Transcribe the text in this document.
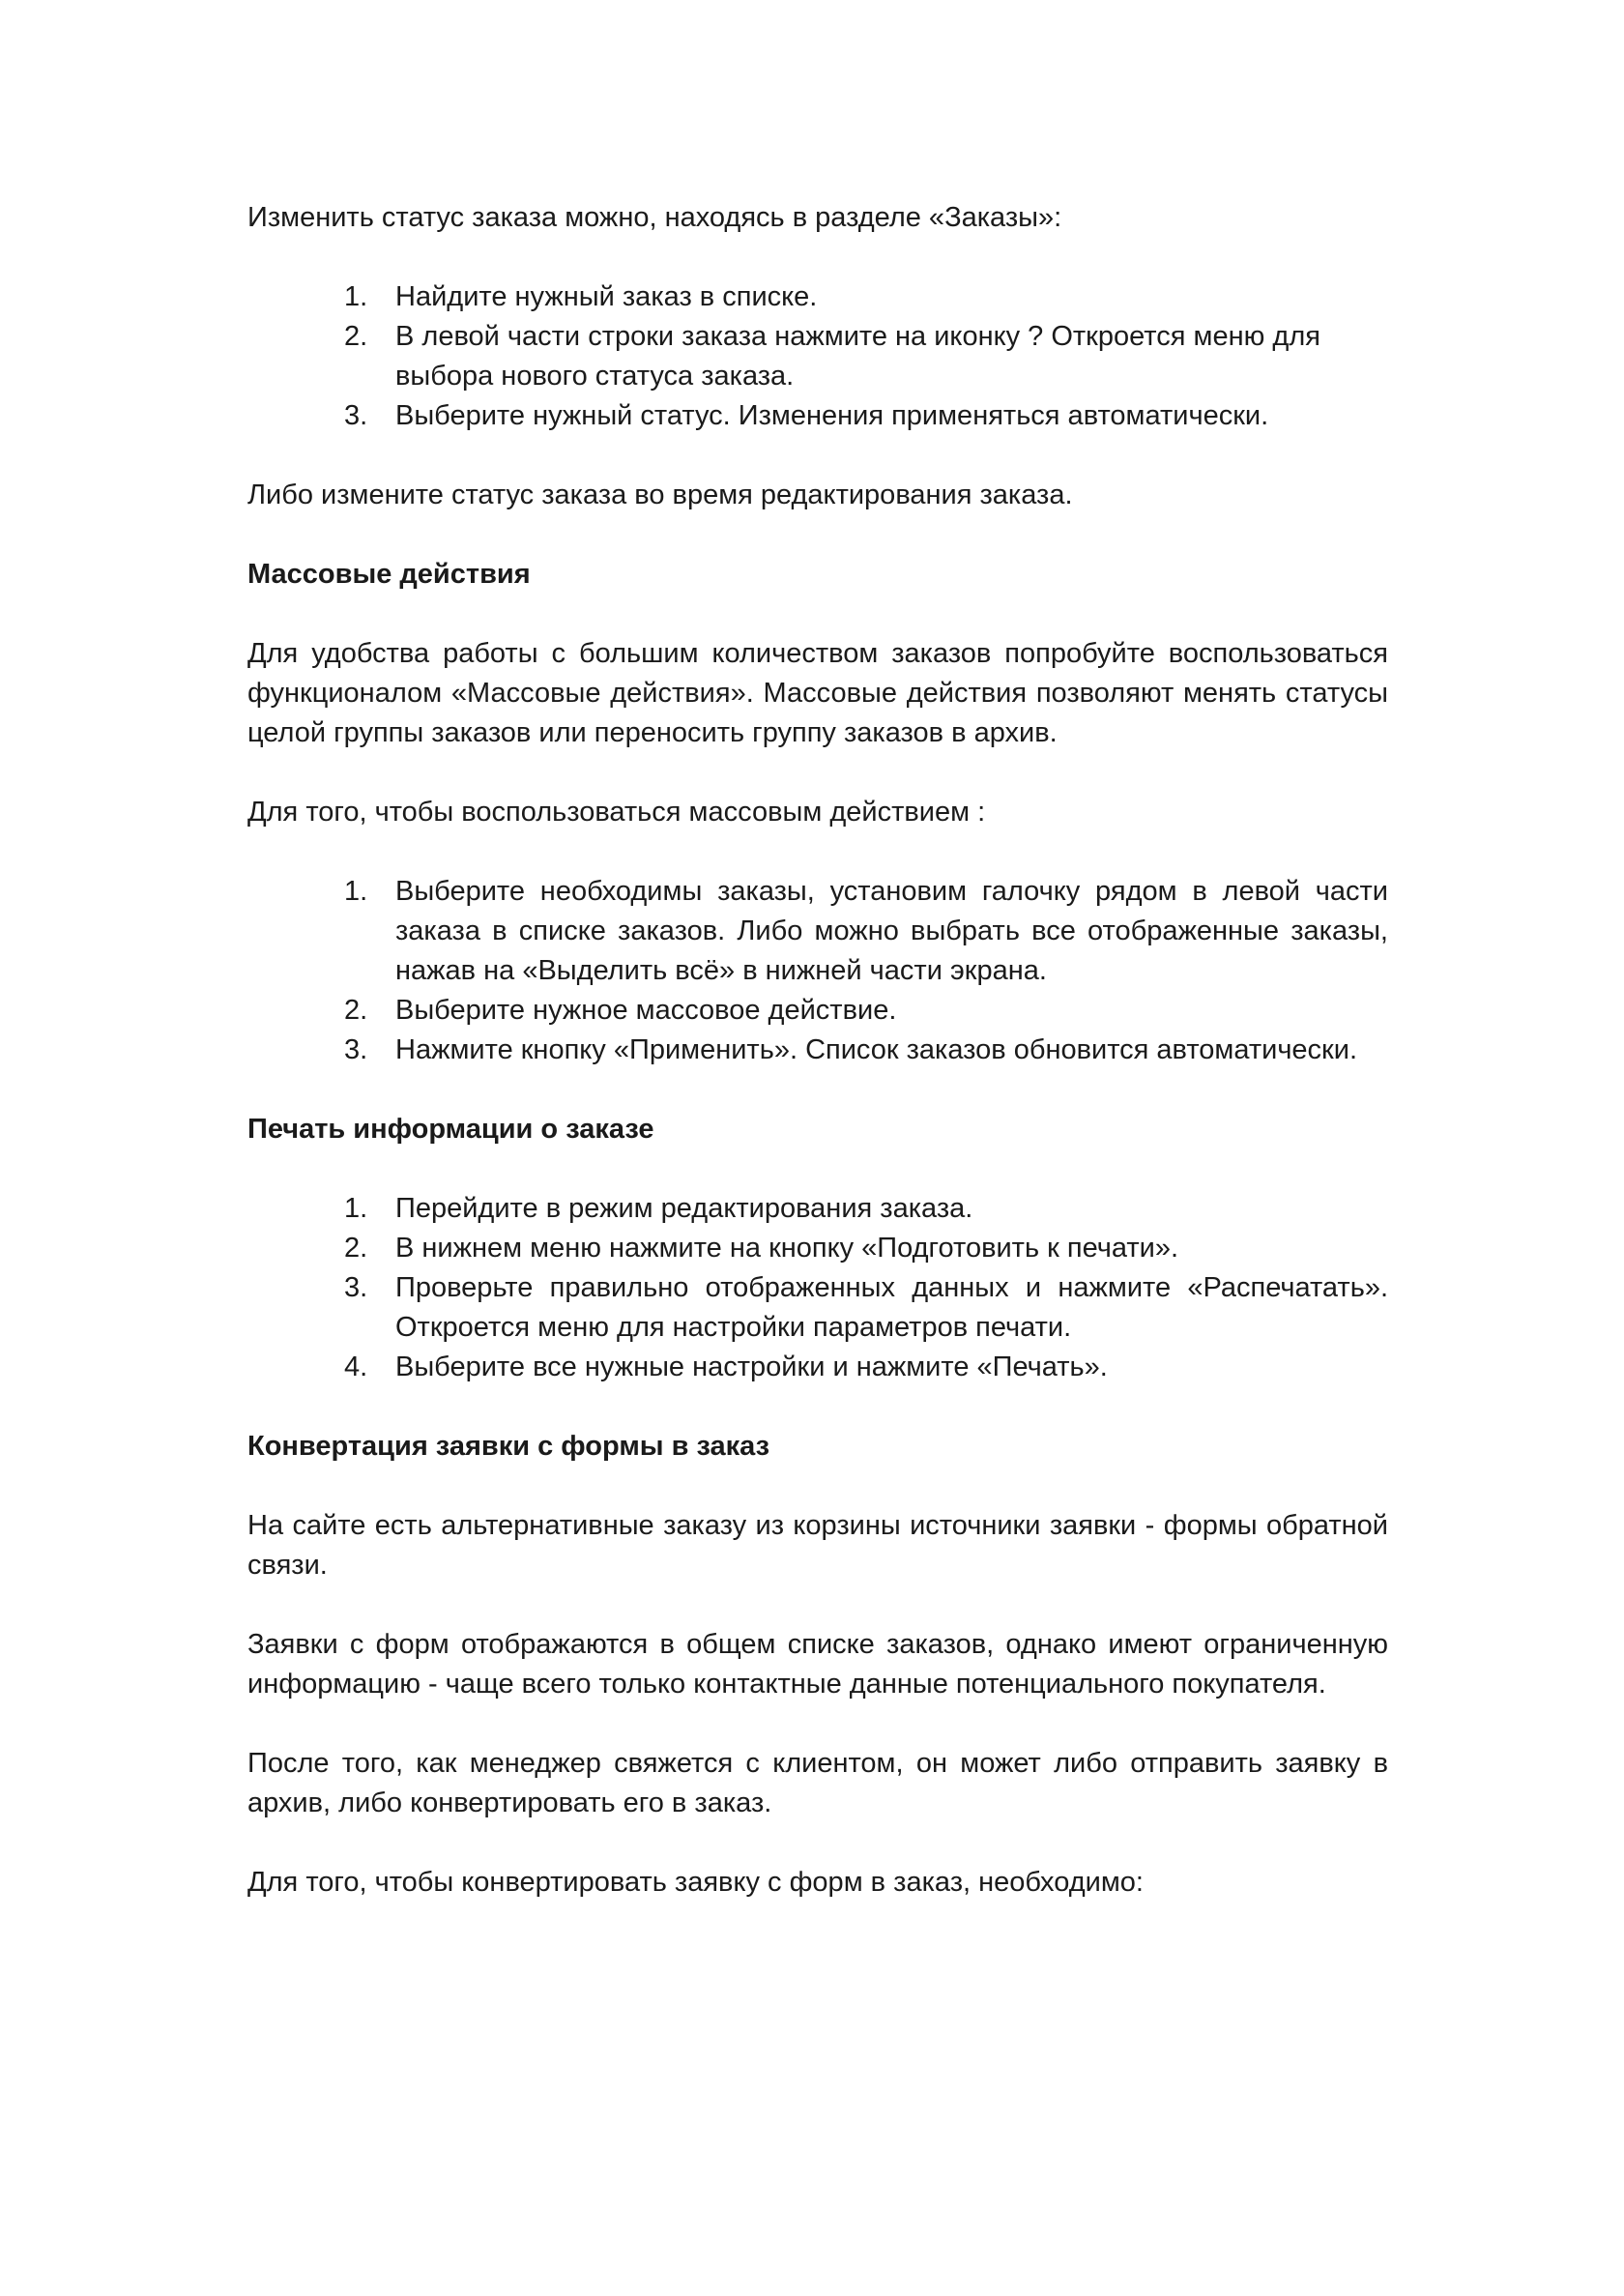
Изменить статус заказа можно, находясь в разделе «Заказы»:

1. Найдите нужный заказ в списке.
2. В левой части строки заказа нажмите на иконку ? Откроется меню для выбора нового статуса заказа.
3. Выберите нужный статус. Изменения применяться автоматически.

Либо измените статус заказа во время редактирования заказа.

Массовые действия

Для удобства работы с большим количеством заказов попробуйте воспользоваться функционалом «Массовые действия». Массовые действия позволяют менять статусы целой группы заказов или переносить группу заказов в архив.

Для того, чтобы воспользоваться массовым действием :

1. Выберите необходимы заказы, установим галочку рядом в левой части заказа в списке заказов. Либо можно выбрать все отображенные заказы, нажав на «Выделить всё» в нижней части экрана.
2. Выберите нужное массовое действие.
3. Нажмите кнопку «Применить». Список заказов обновится автоматически.

Печать информации о заказе

1. Перейдите в режим редактирования заказа.
2. В нижнем меню нажмите на кнопку «Подготовить к печати».
3. Проверьте правильно отображенных данных и нажмите «Распечатать». Откроется меню для настройки параметров печати.
4. Выберите все нужные настройки и нажмите «Печать».

Конвертация заявки с формы в заказ

На сайте есть альтернативные заказу из корзины источники заявки - формы обратной связи.

Заявки с форм отображаются в общем списке заказов, однако имеют ограниченную информацию - чаще всего только контактные данные потенциального покупателя.

После того, как менеджер свяжется с клиентом, он может либо отправить заявку в архив, либо конвертировать его в заказ.

Для того, чтобы конвертировать заявку с форм в заказ, необходимо:
